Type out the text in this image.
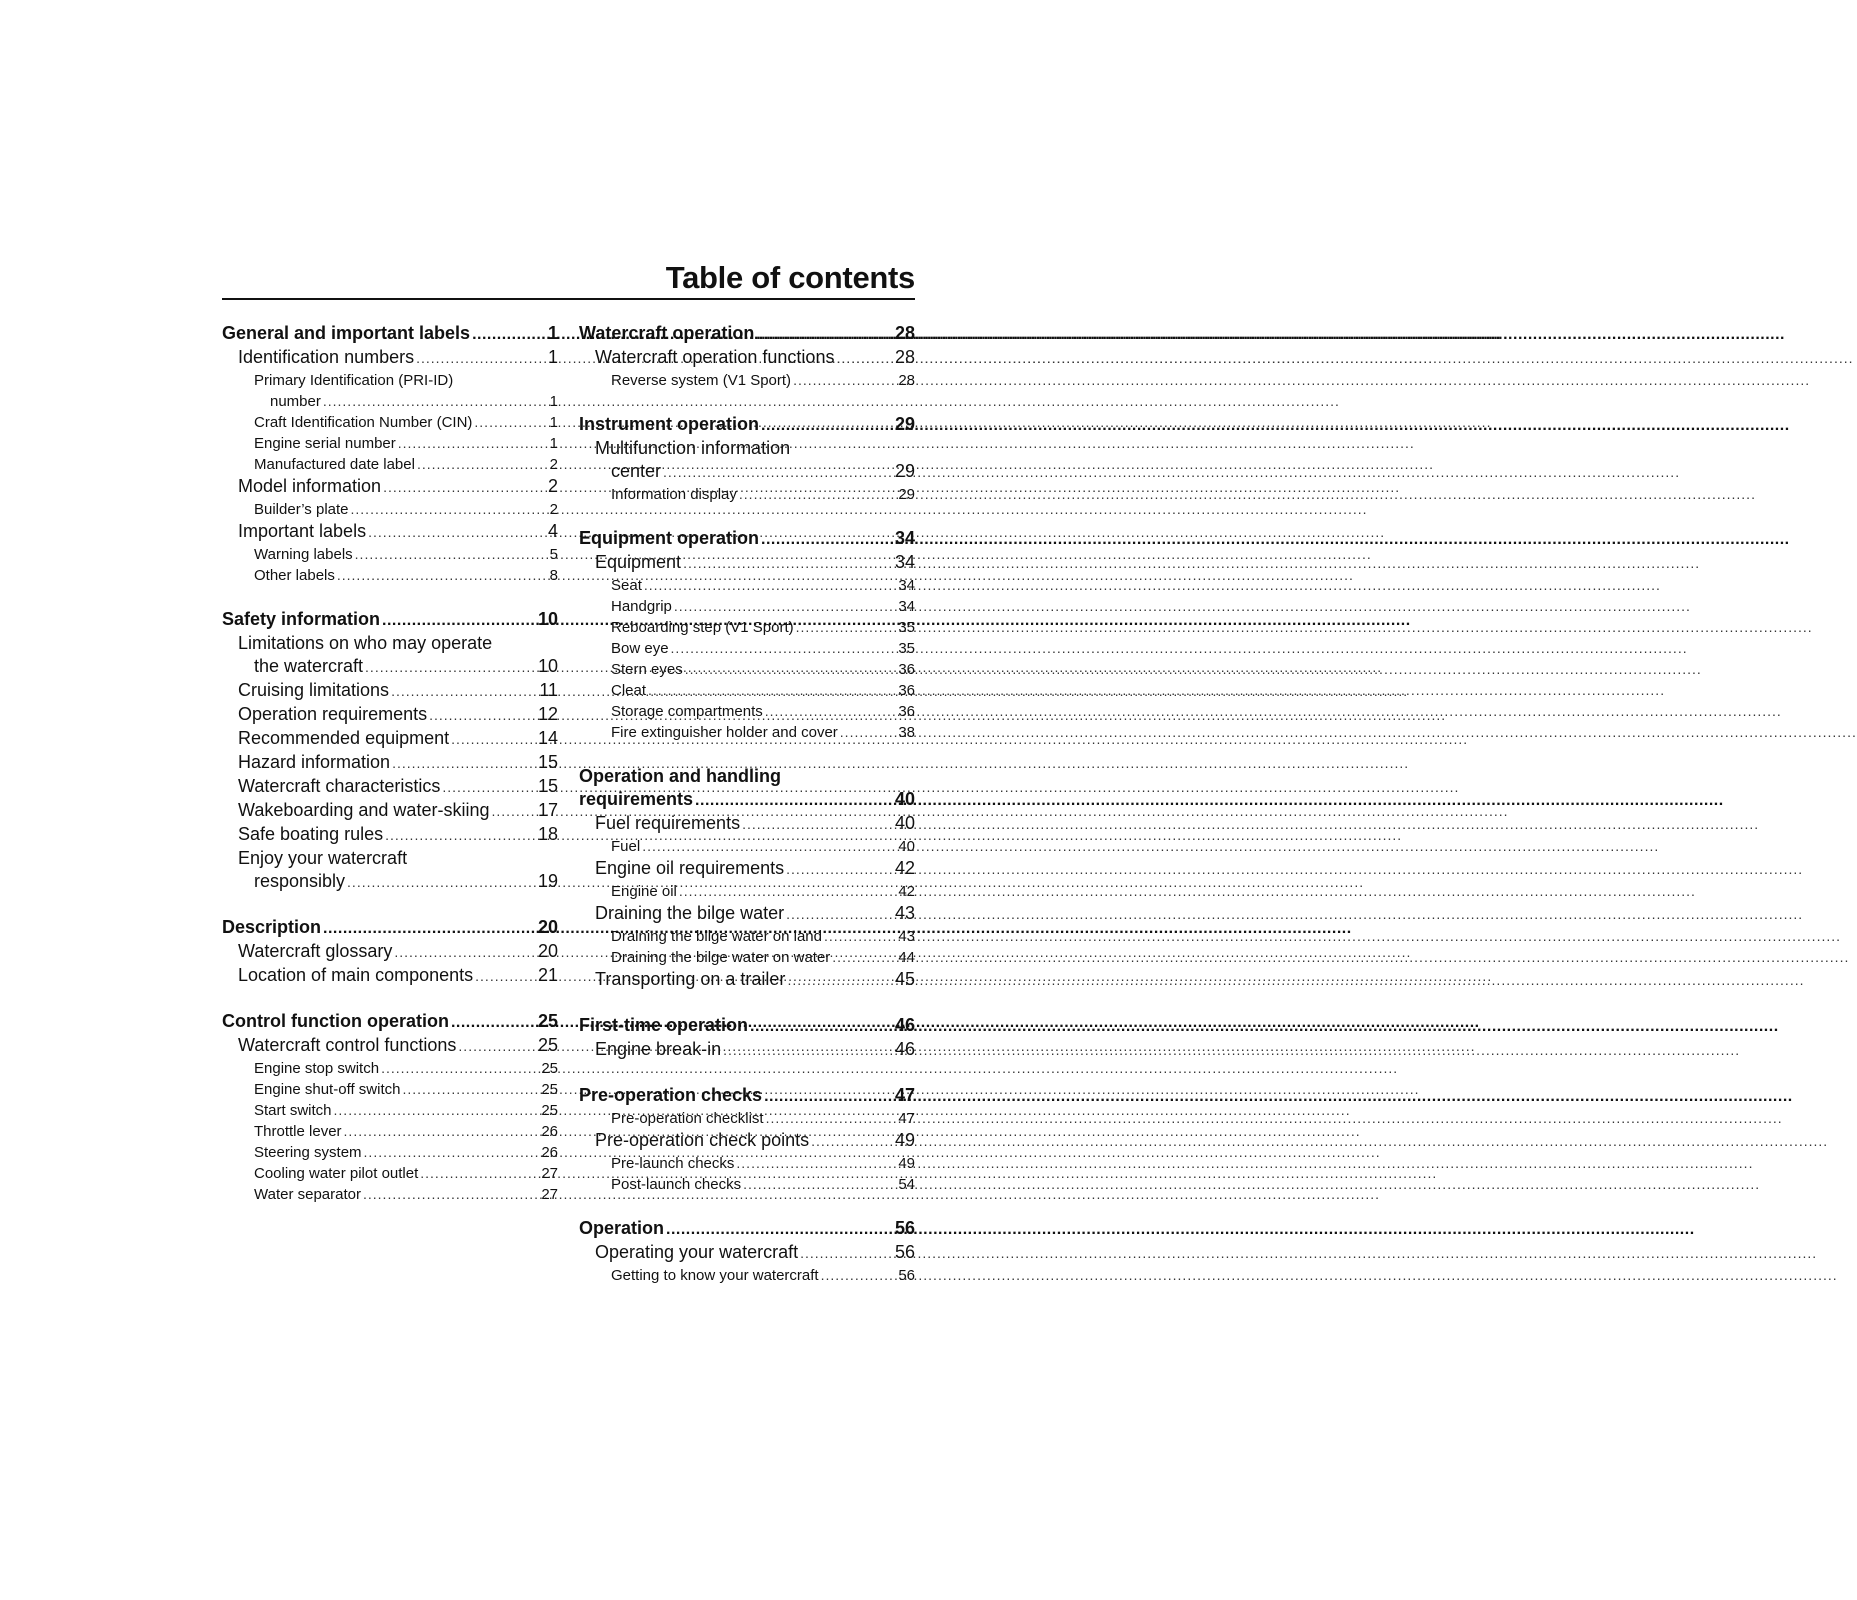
Table of contents
General and important labels .....	1
Identification numbers .....	1
Primary Identification (PRI-ID)
number .....	1
Craft Identification Number (CIN) .....	1
Engine serial number .....	1
Manufactured date label .....	2
Model information .....	2
Builder’s plate .....	2
Important labels .....	4
Warning labels .....	5
Other labels .....	8
Safety information .....	10
Limitations on who may operate
the watercraft .....	10
Cruising limitations .....	11
Operation requirements .....	12
Recommended equipment .....	14
Hazard information .....	15
Watercraft characteristics .....	15
Wakeboarding and water-skiing .....	17
Safe boating rules .....	18
Enjoy your watercraft
responsibly .....	19
Description .....	20
Watercraft glossary .....	20
Location of main components .....	21
Control function operation .....	25
Watercraft control functions .....	25
Engine stop switch .....	25
Engine shut-off switch .....	25
Start switch .....	25
Throttle lever .....	26
Steering system .....	26
Cooling water pilot outlet .....	27
Water separator .....	27
Watercraft operation .....	28
Watercraft operation functions .....	28
Reverse system (V1 Sport) .....	28
Instrument operation .....	29
Multifunction information
center .....	29
Information display .....	29
Equipment operation .....	34
Equipment .....	34
Seat .....	34
Handgrip .....	34
Reboarding step (V1 Sport) .....	35
Bow eye .....	35
Stern eyes .....	36
Cleat .....	36
Storage compartments .....	36
Fire extinguisher holder and cover .....	38
Operation and handling
requirements .....	40
Fuel requirements .....	40
Fuel .....	40
Engine oil requirements .....	42
Engine oil .....	42
Draining the bilge water .....	43
Draining the bilge water on land .....	43
Draining the bilge water on water .....	44
Transporting on a trailer .....	45
First-time operation .....	46
Engine break-in .....	46
Pre-operation checks .....	47
Pre-operation checklist .....	47
Pre-operation check points .....	49
Pre-launch checks .....	49
Post-launch checks .....	54
Operation .....	56
Operating your watercraft .....	56
Getting to know your watercraft .....	56
